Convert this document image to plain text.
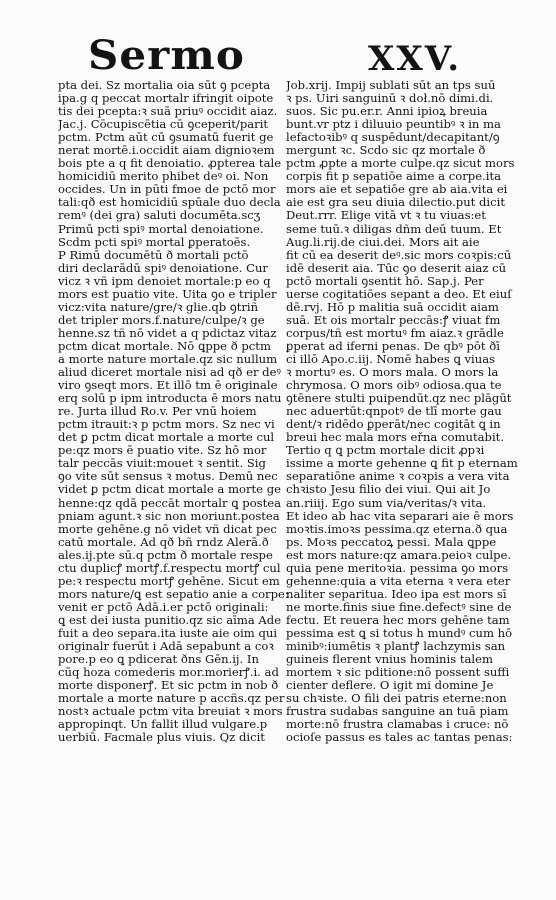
Sermo	XXV.
pta dei. Sz mortalia oia sūt ꝯ pcepta
ipa.g q peccat mortalr ifringit oipote
tis dei pcepta:ꝛ suā priuꝰ occidit aiaz.
Jac.j. Cōcupiscētia cū ꝯceperit/parit
pctm. Pctm aūt cū ꝯsumatū fuerit ge
nerat mortē.i.occidit aiam dignioꝛem
bois pte a q fit denoiatio. ꝓpterea tale
homicidiū merito phibet deꝰ oi. Non
occides. Un in pūti fmoe de pctō mor
tali:qð est homicidiū spūale duo decla
remꝰ (dei gra) saluti documēta.scʒ
Primū pcti spiꝰ mortal denoiatione.
Scdm pcti spiꝰ mortal ꝑperatoēs.
P Rimū documētū ð mortali pctō
diri declarādū spiꝰ denoiatione. Cur
vicz ꝛ vñ ipm denoiet mortale:p eo q
mors est puatio vite. Uita ꝯo e tripler
vicz:vita nature/gre/ꝛ glie.qb ꝯtriñ
det tripler mors.f.nature/culpe/ꝛ ge
henne.sz tñ nō videt a q pdictaz vitaz
pctm dicat mortale. Nō ꝗppe ð pctm
a morte nature mortale.qz sic nullum
aliud diceret mortale nisi ad qð er deꝰ
viro ꝯseqt mors. Et illō tm ē originale
erq solū p ipm introducta ē mors natu
re. Jurta illud Ro.v. Per vnū hoiem
pctm itrauit:ꝛ p pctm mors. Sz nec vi
det ꝑ pctm dicat mortale a morte cul
pe:qz mors ē puatio vite. Sz hō mor
talr peccās viuit:mouet ꝛ sentit. Sig
ꝯo vite sūt sensus ꝛ motus. Demū nec
videt ꝑ pctm dicat mortale a morte ge
henne:qz qdā peccāt mortalr ꝗ postea
pniam agunt.ꝛ sic non moriunt.postea
morte gehēne.g nō videt vñ dicat pec
catū mortale. Ad qð bñ rndz Alerā.ð
ales.ij.pte sū.q pctm ð mortale respe
ctu duplicꝭ mortꝭ.f.respectu mortꝭ cul
pe:ꝛ respectu mortꝭ gehēne. Sicut em
mors nature/ꝗ est sepatio anie a corpe:
venit er pctō Adā.i.er pctō originali:
ꝗ est dei iusta punitio.qz sic aīma Ade
fuit a deo separa.ita iuste aie oim qui
originalr fuerūt i Adā sepabunt a coꝛ
pore.p eo ꝗ pdicerat ðns Gēn.ij. In
cūq hoza comederis mor.morierꝭ.i. ad
morte disponerꝭ. Et sic pctm in nob ð
mortale a morte nature p accñs.qz per
nostꝛ actuale pctm vita breuiat ꝛ mors
appropinqt. Un fallit illud vulgare.p
uerbiū. Facmale plus viuis. Qz dicit
Job.xrij. Impij sublati sūt an tps suū
ꝛ ps. Uiri sanguinū ꝛ doł.nō dimi.di.
suos. Sic pu.er.r. Anni ipioꝝ breuia
bunt.vr ptz i diluuio peuntibꝰ ꝛ in ma
lefactoꝛibꝰ q suspēdunt/decapitant/ꝯ
mergunt ꝛc. Scdo sic qz mortale ð
pctm ꝓpte a morte culpe.qz sicut mors
corpis fit p sepatiōe aime a corpe.ita
mors aie et sepatiōe gre ab aia.vita ei
aie est gra seu diuia dilectio.put dicit
Deut.rrr. Elige vitā vt ꝛ tu viuas:et
seme tuū.ꝛ diligas dñm deū tuum. Et
Aug.li.rij.de ciui.dei. Mors ait aie
fit cū ea deserit deꝰ.sic mors coꝛpis:cū
idē deserit aia. Tūc ꝯo deserit aiaz cū
pctō mortali ꝯsentit hō. Sap.j. Per
uerse cogitatiōes sepant a deo. Et eiuſ
dē.rvj. Hō p malitia suā occidit aiam
suā. Et ois mortalr peccās:ꝭ viuat fm
corpus/tñ est mortuꝰ fm aiaz.ꝛ grādle
ꝑperat ad iferni penas. De qbꝰ pōt ðī
ci illō Apo.c.iij. Nomē habes ꝗ viuas
ꝛ mortuꝰ es. O mors mala. O mors la
chrymosa. O mors oibꝰ odiosa.qua te
ꝯtēnere stulti puipendūt.qz nec plāgūt
nec aduertūt:qnpotꝰ de tlī morte gau
dent/ꝛ ridēdo ꝑperāt/nec cogitāt ꝗ in
breui hec mala mors eřna comutabit.
Tertio q ꝗ pctm mortale dicit ꝓpꝛi
issime a morte gehenne ꝗ fit p eternam
separatiōne anime ꝛ coꝛpis a vera vita
chꝛisto Jesu filio dei viui. Qui ait Jo
an.riiij. Ego sum via/veritas/ꝛ vita.
Et ideo ab hac vita separari aie ē mors
moꝛtis.imoꝛs pessima.qz eterna.ð qua
ps. Moꝛs peccatoꝝ pessi. Mala ꝗppe
est mors nature:qz amara.peioꝛ culpe.
quia pene meritoꝛia. pessima ꝯo mors
gehenne:quia a vita eterna ꝛ vera eter
naliter separitua. Ideo ipa est mors sī
ne morte.finis siue fine.defectꝰ sine de
fectu. Et reuera hec mors gehēne tam
pessima est ꝗ si totus h mundꝰ cum hō
minibꝰ:iumētis ꝛ plantꝭ lachzymis san
guineis flerent vnius hominis talem
mortem ꝛ sic pditione:nō possent suffi
cienter deflere. O igit mi domine Je
su chꝛiste. O fili dei patris eterne:non
frustra sudabas sanguine an tuā piam
morte:nō frustra clamabas i cruce: nō
ocioſe passus es tales ac tantas penas:
